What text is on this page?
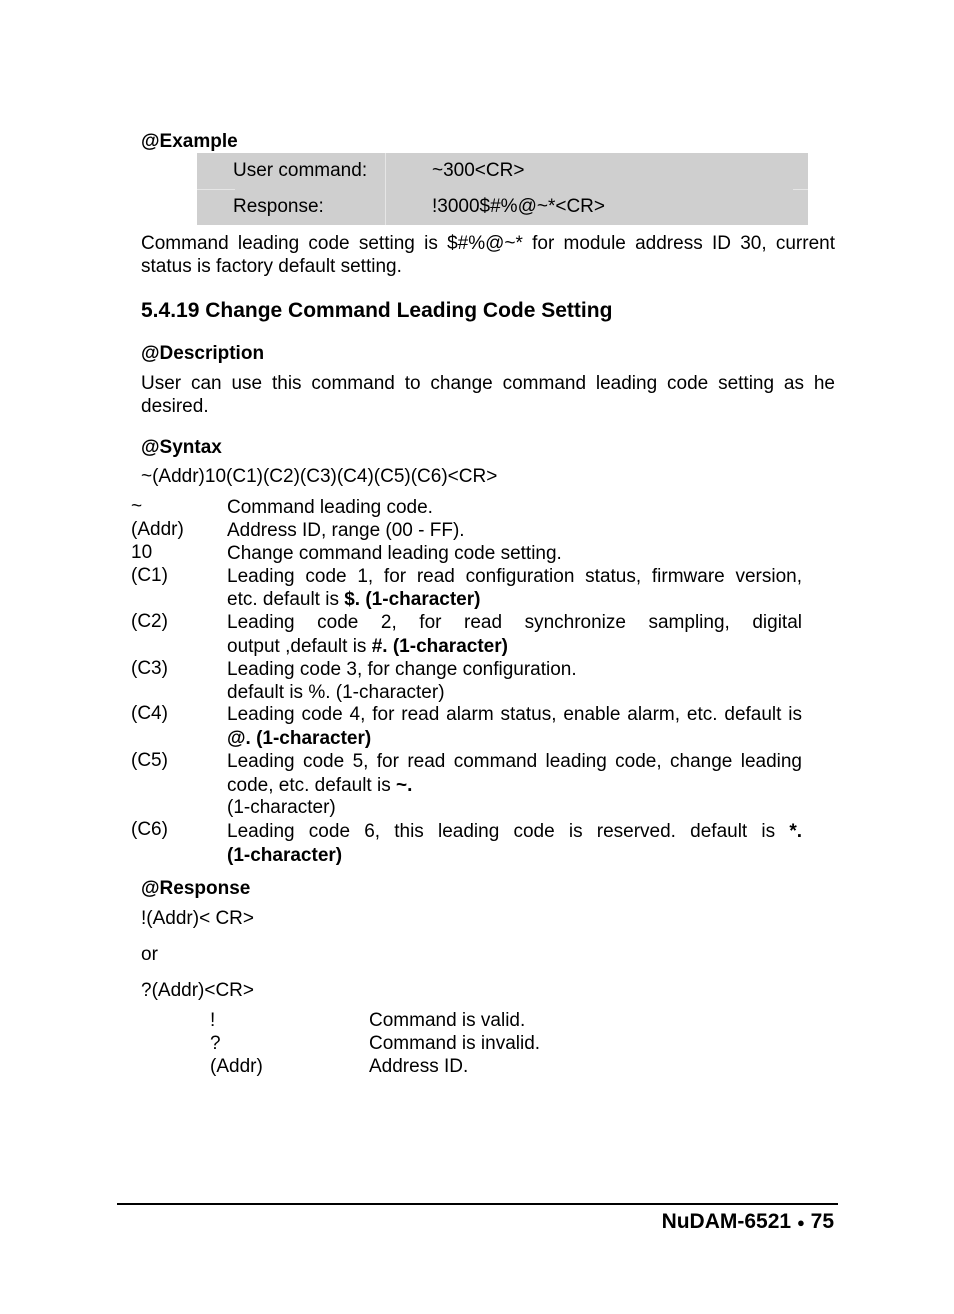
@Example
User command:	~300<CR>
Response:	!3000$#%@~*<CR>
Command leading code setting is $#%@~* for module address ID 30, current
status is factory default setting.
5.4.19 Change Command Leading Code Setting
@Description
User can use this command to change command leading code setting as he
desired.
@Syntax
~(Addr)10(C1)(C2)(C3)(C4)(C5)(C6)<CR>
~	Command leading code.
(Addr) Address ID, range (00 - FF).
10	Change command leading code setting.
(C1)	Leading code 1, for read configuration status, firmware version,
etc. default is $. (1-character)
(C2)	Leading code 2, for read synchronize sampling, digital
output ,default is #. (1-character)
(C3)	Leading code 3, for change configuration.
default is %. (1-character)
(C4)	Leading code 4, for read alarm status, enable alarm, etc. default is
@. (1-character)
(C5)	Leading code 5, for read command leading code, change leading
code, etc. default is ~.
(1-character)
(C6)	Leading code 6, this leading code is reserved. default is *.
(1-character)
@Response
!(Addr)< CR>
or
?(Addr)<CR>
!	Command is valid.
?	Command is invalid.
(Addr)	Address ID.
NuDAM-6521 ● 75
